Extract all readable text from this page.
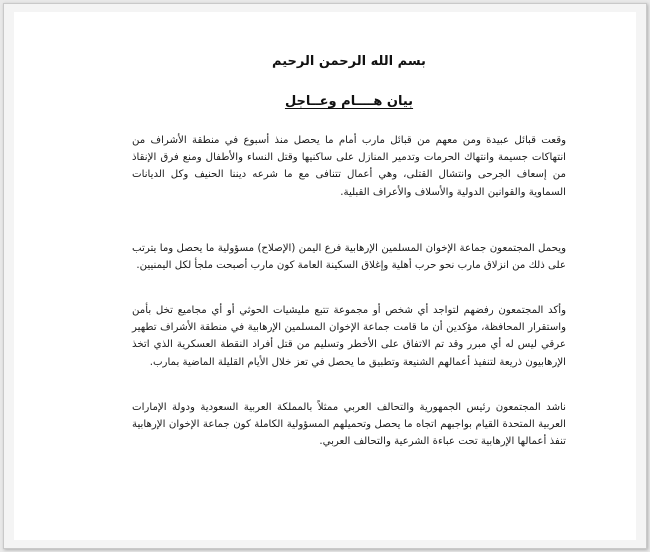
بسم الله الرحمن الرحيم
بيان هــــام وعــاجل

وقعت قبائل عبيدة ومن معهم من قبائل مارب أمام ما يحصل منذ أسبوع في منطقة الأشراف من انتهاكات جسيمة وانتهاك الحرمات وتدمير المنازل على ساكنيها وقتل النساء والأطفال ومنع فرق الإنقاذ من إسعاف الجرحى وانتشال القتلى، وهي أعمال تتنافى مع ما شرعه ديننا الحنيف وكل الديانات السماوية والقوانين الدولية والأسلاف والأعراف القبلية.

ويحمل المجتمعون جماعة الإخوان المسلمين الإرهابية فرع اليمن (الإصلاح) مسؤولية ما يحصل وما يترتب على ذلك من انزلاق مارب نحو حرب أهلية وإغلاق السكينة العامة كون مارب أصبحت ملجأ لكل اليمنيين.

وأكد المجتمعون رفضهم لتواجد أي شخص أو مجموعة تتبع مليشيات الحوثي أو أي مجاميع تخل بأمن واستقرار المحافظة، مؤكدين أن ما قامت جماعة الإخوان المسلمين الإرهابية في منطقة الأشراف تطهير عرقي ليس له أي مبرر وقد تم الاتفاق على الأخطر وتسليم من قتل أفراد النقطة العسكرية الذي اتخذ الإرهابيون ذريعة لتنفيذ أعمالهم الشنيعة وتطبيق ما يحصل في تعز خلال الأيام القليلة الماضية بمارب.

ناشد المجتمعون رئيس الجمهورية والتحالف العربي ممثلاً بالمملكة العربية السعودية ودولة الإمارات العربية المتحدة القيام بواجبهم اتجاه ما يحصل وتحميلهم المسؤولية الكاملة كون جماعة الإخوان الإرهابية تنفذ أعمالها الإرهابية تحت عباءة الشرعية والتحالف العربي.
